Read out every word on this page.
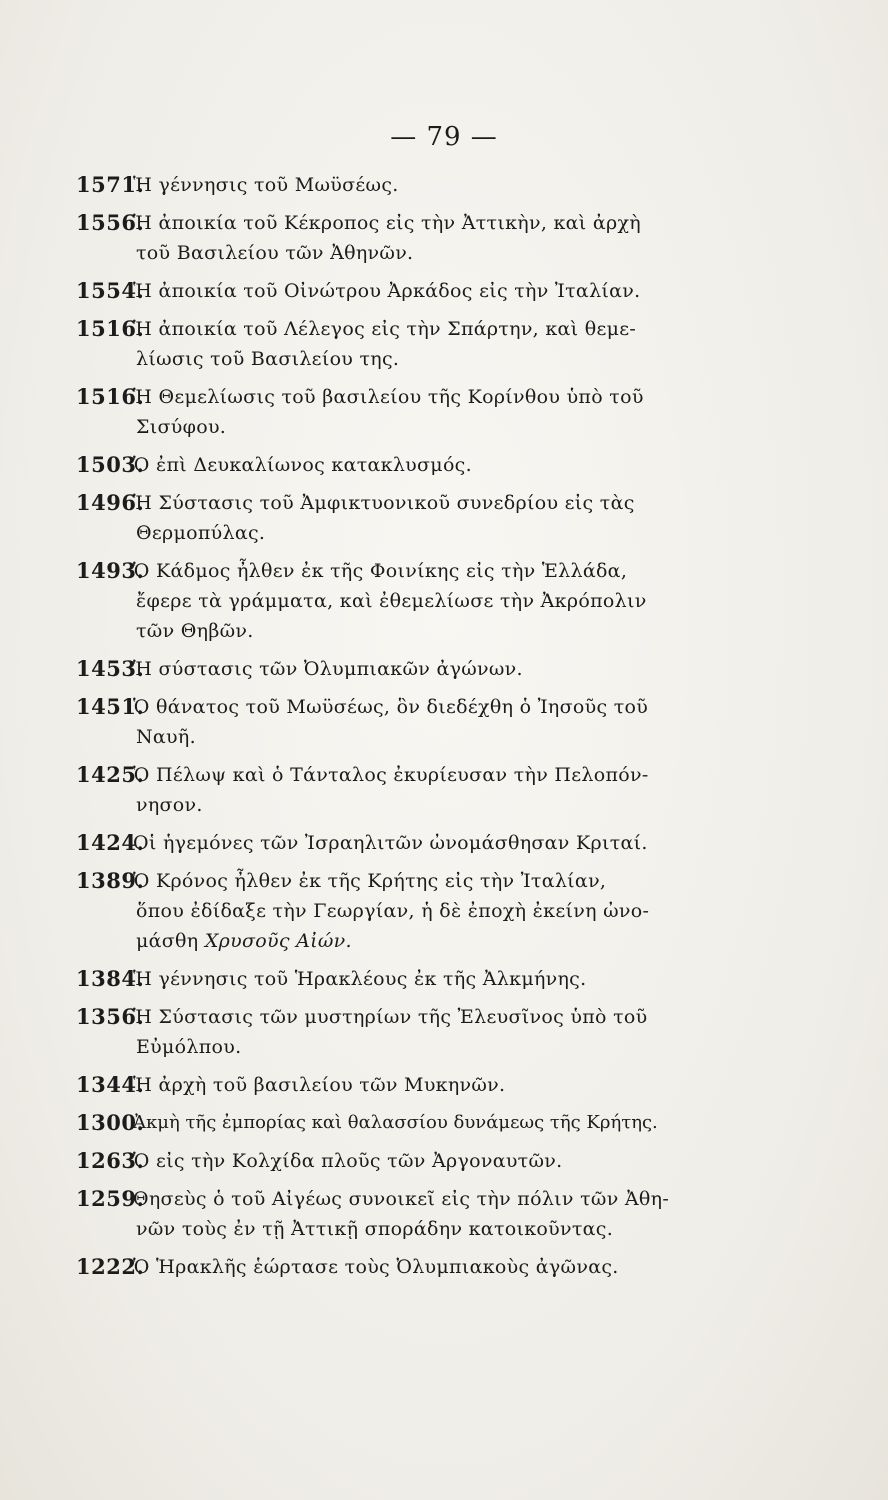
— 79 —
1571.
Ἡ γέννησις τοῦ Μωϋσέως.
1556.
Ἡ ἀποικία τοῦ Κέκροπος εἰς τὴν Ἀττικὴν, καὶ ἀρχὴ
τοῦ Βασιλείου τῶν Ἀθηνῶν.
1554.
Ἡ ἀποικία τοῦ Οἰνώτρου Ἀρκάδος εἰς τὴν Ἰταλίαν.
1516.
Ἡ ἀποικία τοῦ Λέλεγος εἰς τὴν Σπάρτην, καὶ θεμε-
λίωσις τοῦ Βασιλείου της.
1516.
Ἡ Θεμελίωσις τοῦ βασιλείου τῆς Κορίνθου ὑπὸ τοῦ
Σισύφου.
1503.
Ὁ ἐπὶ Δευκαλίωνος κατακλυσμός.
1496.
Ἡ Σύστασις τοῦ Ἀμφικτυονικοῦ συνεδρίου εἰς τὰς
Θερμοπύλας.
1493.
Ὁ Κάδμος ἦλθεν ἐκ τῆς Φοινίκης εἰς τὴν Ἑλλάδα,
ἔφερε τὰ γράμματα, καὶ ἐθεμελίωσε τὴν Ἀκρόπολιν
τῶν Θηβῶν.
1453.
Ἡ σύστασις τῶν Ὀλυμπιακῶν ἀγώνων.
1451.
Ὁ θάνατος τοῦ Μωϋσέως, ὃν διεδέχθη ὁ Ἰησοῦς τοῦ
Ναυῆ.
1425.
Ὁ Πέλωψ καὶ ὁ Τάνταλος ἐκυρίευσαν τὴν Πελοπόν-
νησον.
1424.
Οἱ ἡγεμόνες τῶν Ἰσραηλιτῶν ὠνομάσθησαν Κριταί.
1389.
Ὁ Κρόνος ἦλθεν ἐκ τῆς Κρήτης εἰς τὴν Ἰταλίαν,
ὅπου ἐδίδαξε τὴν Γεωργίαν, ἡ δὲ ἐποχὴ ἐκείνη ὠνο-
μάσθη Χρυσοῦς Αἰών.
1384.
Ἡ γέννησις τοῦ Ἡρακλέους ἐκ τῆς Ἀλκμήνης.
1356.
Ἡ Σύστασις τῶν μυστηρίων τῆς Ἐλευσῖνος ὑπὸ τοῦ
Εὐμόλπου.
1344.
Ἡ ἀρχὴ τοῦ βασιλείου τῶν Μυκηνῶν.
1300.
Ἀκμὴ τῆς ἐμπορίας καὶ θαλασσίου δυνάμεως τῆς Κρήτης.
1263.
Ὁ εἰς τὴν Κολχίδα πλοῦς τῶν Ἀργοναυτῶν.
1259.
Θησεὺς ὁ τοῦ Αἰγέως συνοικεῖ εἰς τὴν πόλιν τῶν Ἀθη-
νῶν τοὺς ἐν τῇ Ἀττικῇ σποράδην κατοικοῦντας.
1222.
Ὁ Ἡρακλῆς ἑώρτασε τοὺς Ὀλυμπιακοὺς ἀγῶνας.
